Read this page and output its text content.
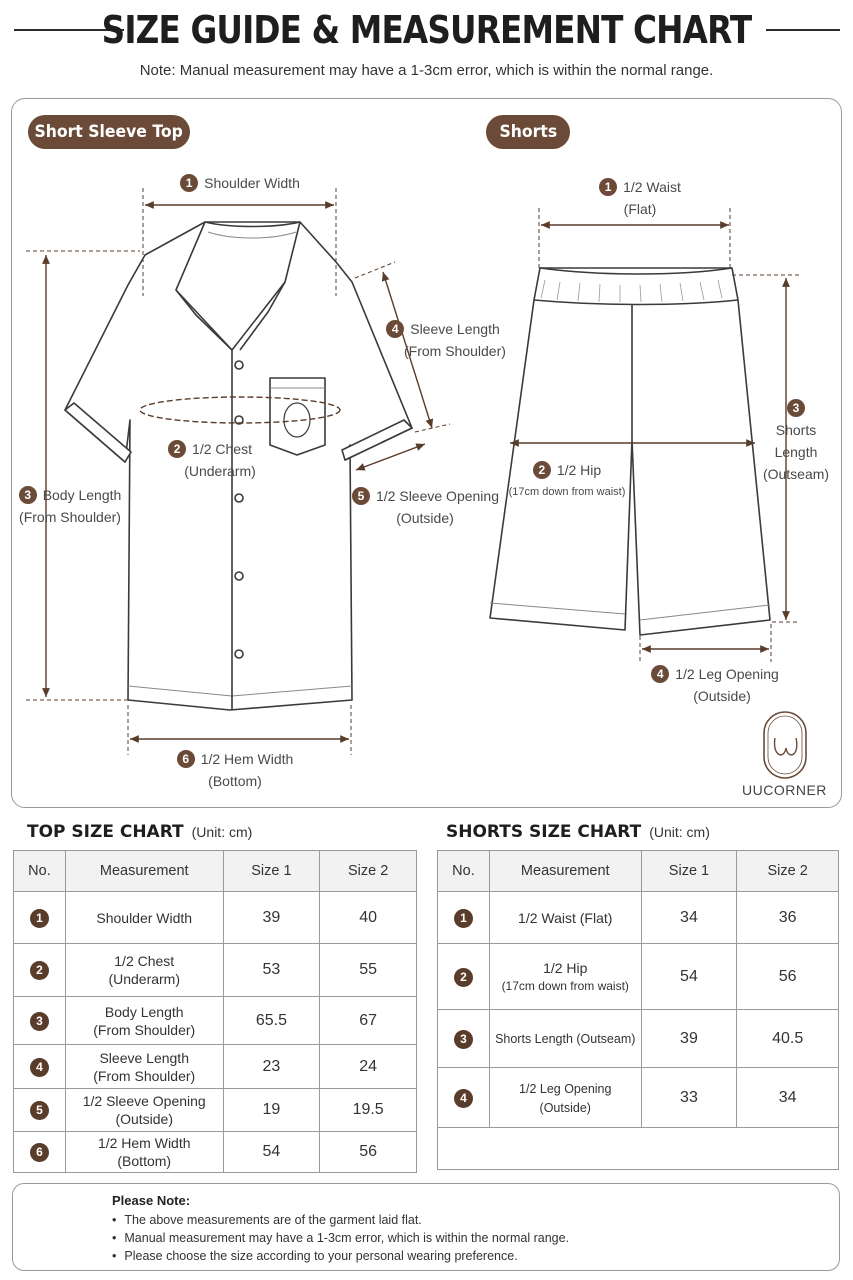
SIZE GUIDE & MEASUREMENT CHART
Note: Manual measurement may have a 1-3cm error, which is within the normal range.
Short Sleeve Top	Shorts
1 Shoulder Width
2 1/2 Chest
(Underarm)
3 Body Length
(From Shoulder)
4 Sleeve Length
(From Shoulder)
5 1/2 Sleeve Opening
(Outside)
6 1/2 Hem Width
(Bottom)
1 1/2 Waist
(Flat)
2 1/2 Hip
(17cm down from waist)
3
Shorts
Length
(Outseam)
4 1/2 Leg Opening
(Outside)
UUCORNER
TOP SIZE CHART (Unit: cm)
No.	Measurement	Size 1	Size 2
1	Shoulder Width	39	40
2	1/2 Chest
(Underarm)	53	55
3	Body Length
(From Shoulder)	65.5	67
4	Sleeve Length
(From Shoulder)	23	24
5	1/2 Sleeve Opening
(Outside)	19	19.5
6	1/2 Hem Width
(Bottom)	54	56
SHORTS SIZE CHART (Unit: cm)
No.	Measurement	Size 1	Size 2
1	1/2 Waist (Flat)	34	36
2	1/2 Hip
(17cm down from waist)	54	56
3	Shorts Length (Outseam)	39	40.5
4	1/2 Leg Opening (Outside)	33	34

Please Note:
• The above measurements are of the garment laid flat.
• Manual measurement may have a 1-3cm error, which is within the normal range.
• Please choose the size according to your personal wearing preference.
